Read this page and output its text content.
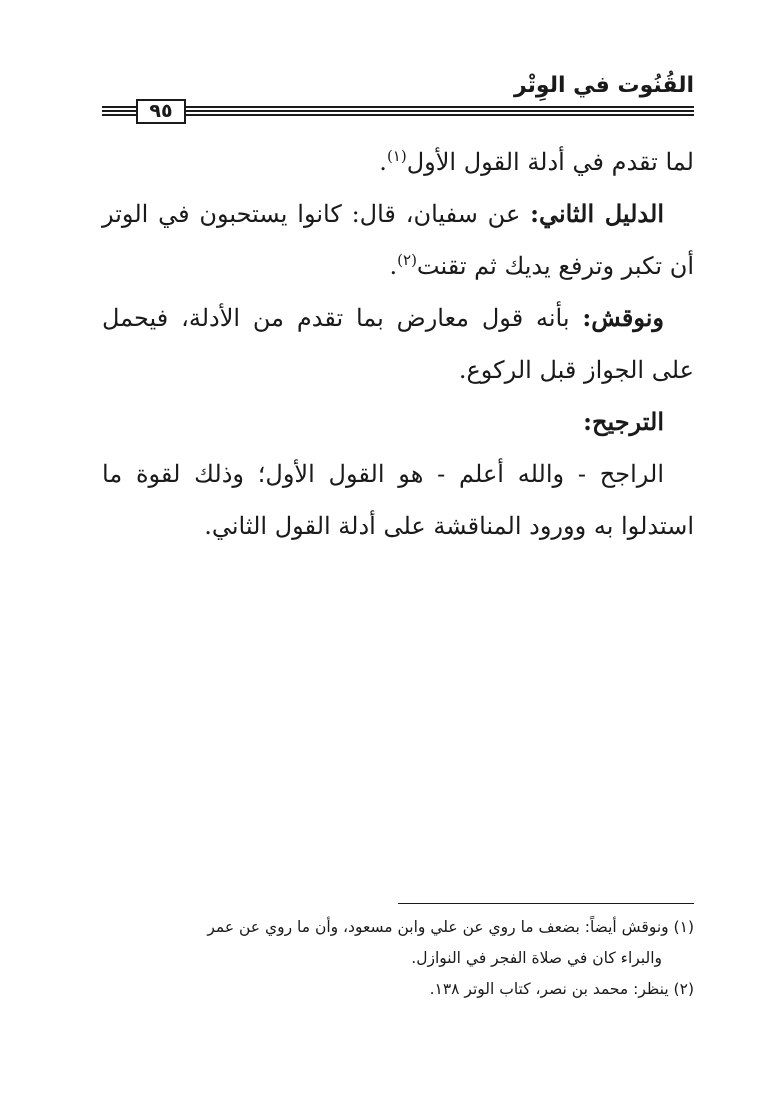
القُنُوت في الوِتْر
٩٥

لما تقدم في أدلة القول الأول$^{(١)}$.

الدليل الثاني: عن سفيان، قال: كانوا يستحبون في الوتر أن تكبر وترفع يديك ثم تقنت$^{(٢)}$.

ونوقش: بأنه قول معارض بما تقدم من الأدلة، فيحمل على الجواز قبل الركوع.

الترجيح:

الراجح - والله أعلم - هو القول الأول؛ وذلك لقوة ما استدلوا به وورود المناقشة على أدلة القول الثاني.

(١) ونوقش أيضاً: بضعف ما روي عن علي وابن مسعود، وأن ما روي عن عمر

والبراء كان في صلاة الفجر في النوازل.

(٢) ينظر: محمد بن نصر، كتاب الوتر ١٣٨.
